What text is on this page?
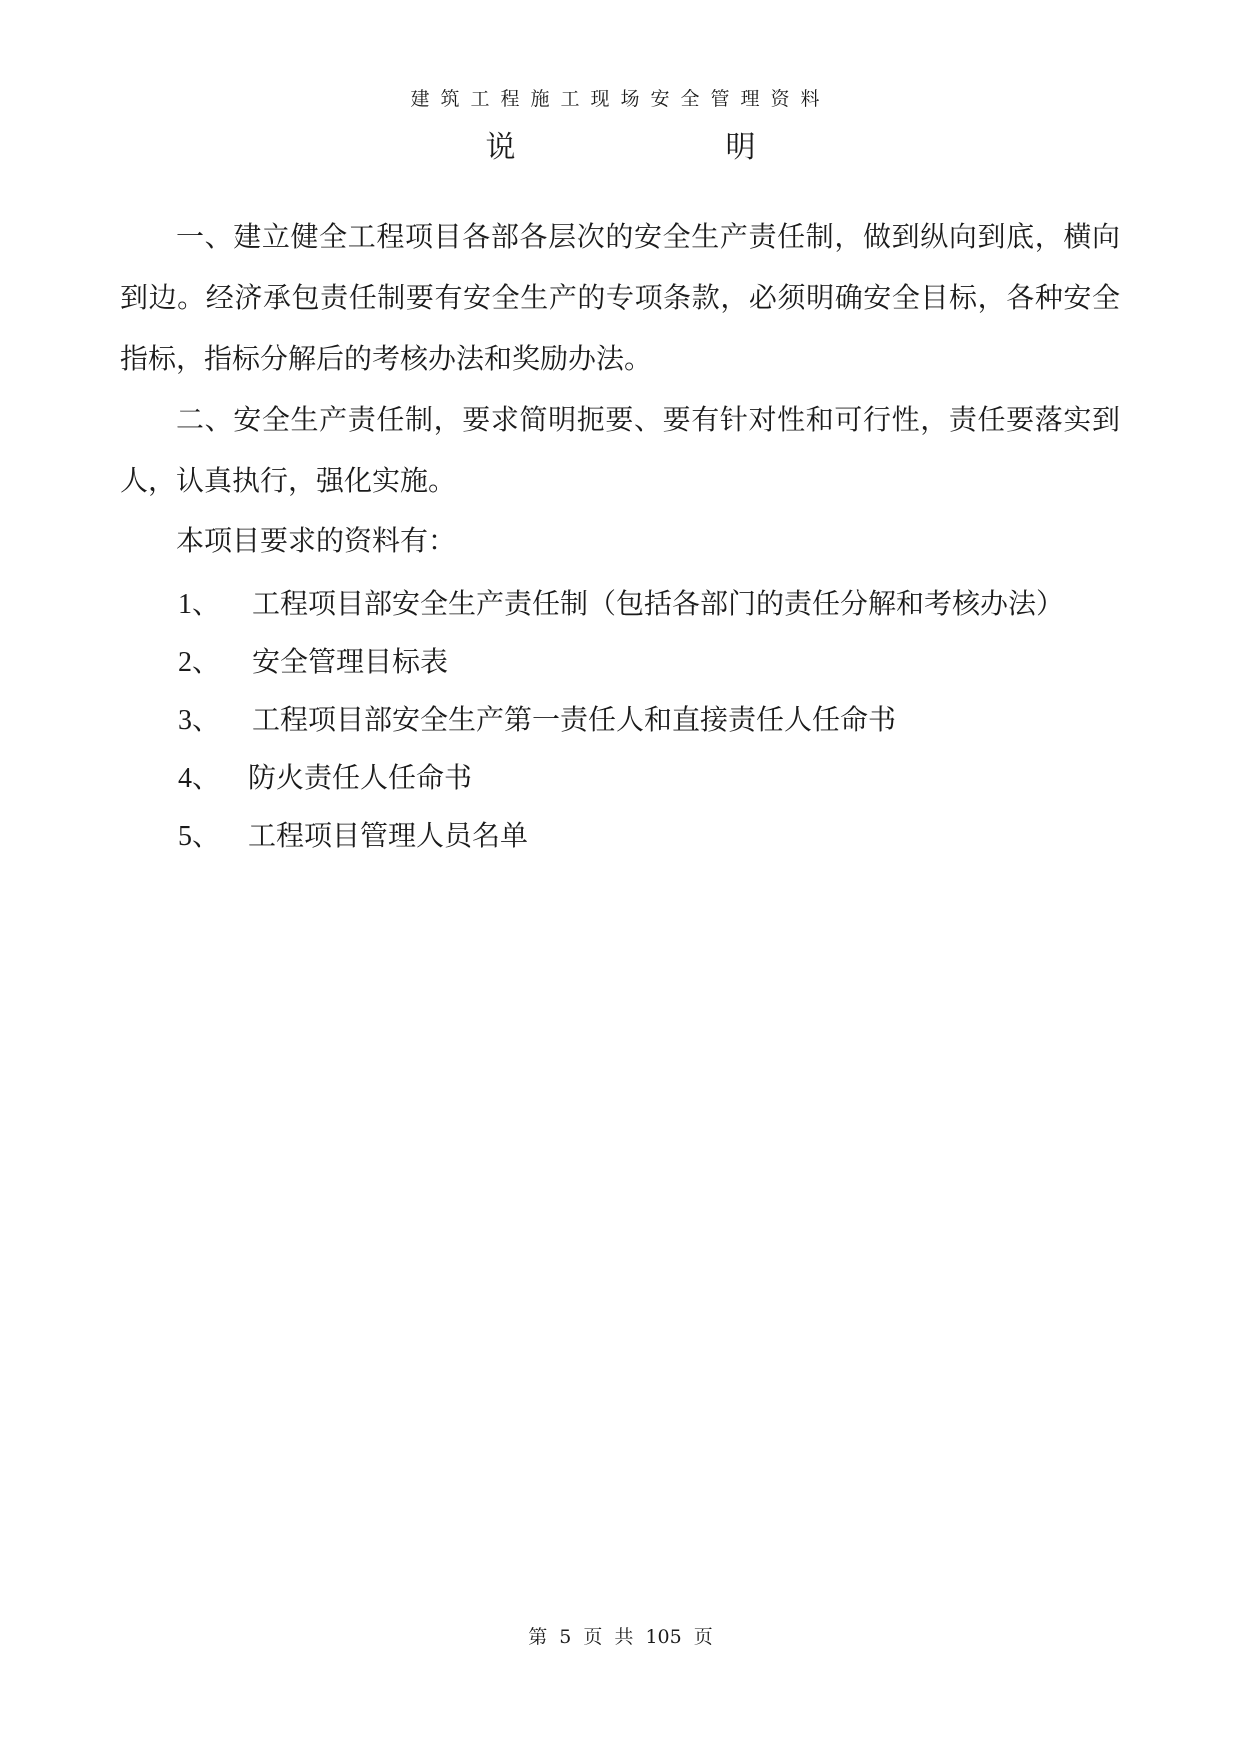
建筑工程施工现场安全管理资料
说	明

一、建立健全工程项目各部各层次的安全生产责任制，做到纵向到底，横向到边。经济承包责任制要有安全生产的专项条款，必须明确安全目标，各种安全指标，指标分解后的考核办法和奖励办法。

二、安全生产责任制，要求简明扼要、要有针对性和可行性，责任要落实到人，认真执行，强化实施。

本项目要求的资料有：

1、 工程项目部安全生产责任制（包括各部门的责任分解和考核办法）
2、 安全管理目标表
3、 工程项目部安全生产第一责任人和直接责任人任命书
4、 防火责任人任命书
5、 工程项目管理人员名单
第 5 页 共 105 页
